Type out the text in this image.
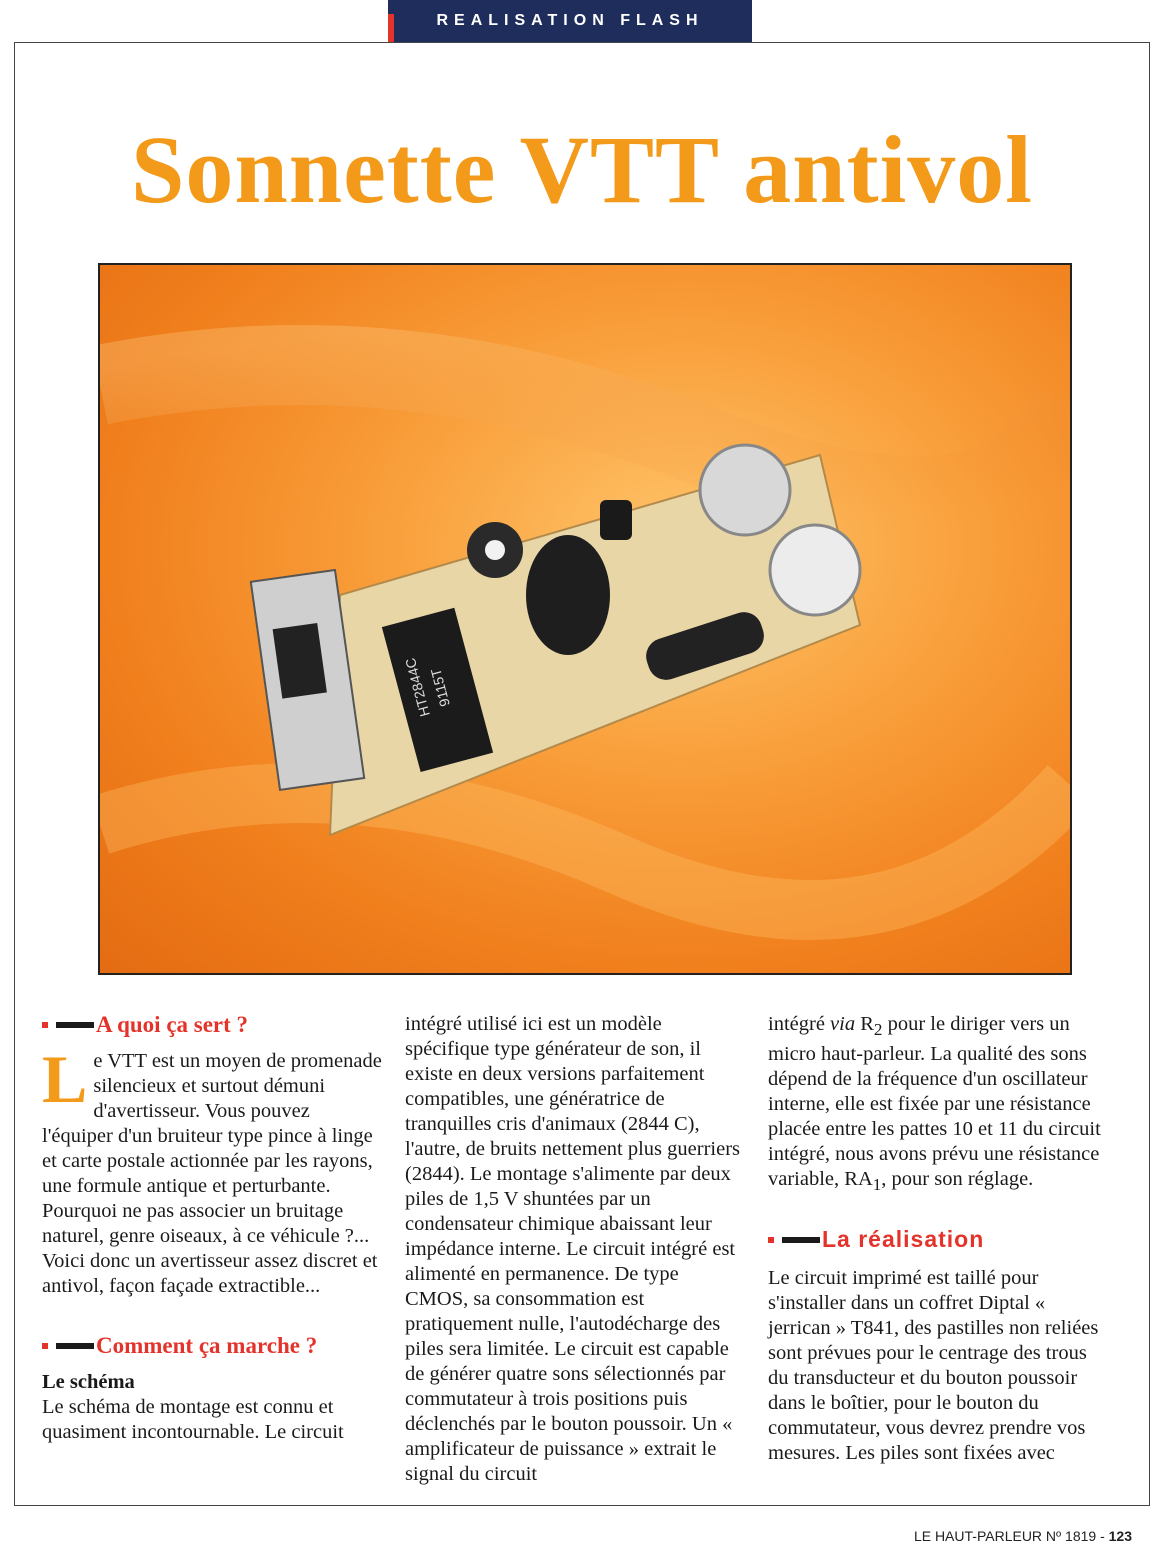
REALISATION FLASH
Sonnette VTT antivol
HT2844C
9115T
A quoi ça sert ?

Le VTT est un moyen de promenade silencieux et surtout démuni d'avertisseur. Vous pouvez l'équiper d'un bruiteur type pince à linge et carte postale actionnée par les rayons, une formule antique et perturbante. Pourquoi ne pas associer un bruitage naturel, genre oiseaux, à ce véhicule ?... Voici donc un avertisseur assez discret et antivol, façon façade extractible...

Comment ça marche ?
Le schéma

Le schéma de montage est connu et quasiment incontournable. Le circuit

intégré utilisé ici est un modèle spécifique type générateur de son, il existe en deux versions parfaitement compatibles, une génératrice de tranquilles cris d'animaux (2844 C), l'autre, de bruits nettement plus guerriers (2844). Le montage s'alimente par deux piles de 1,5 V shuntées par un condensateur chimique abaissant leur impédance interne. Le circuit intégré est alimenté en permanence. De type CMOS, sa consommation est pratiquement nulle, l'autodécharge des piles sera limitée. Le circuit est capable de générer quatre sons sélectionnés par commutateur à trois positions puis déclenchés par le bouton poussoir. Un « amplificateur de puissance » extrait le signal du circuit

intégré via $R_2$ pour le diriger vers un micro haut-parleur. La qualité des sons dépend de la fréquence d'un oscillateur interne, elle est fixée par une résistance placée entre les pattes 10 et 11 du circuit intégré, nous avons prévu une résistance variable, $RA_1$, pour son réglage.

La réalisation

Le circuit imprimé est taillé pour s'installer dans un coffret Diptal « jerrican » T841, des pastilles non reliées sont prévues pour le centrage des trous du transducteur et du bouton poussoir dans le boîtier, pour le bouton du commutateur, vous devrez prendre vos mesures. Les piles sont fixées avec

LE HAUT-PARLEUR Nº 1819 - 123
